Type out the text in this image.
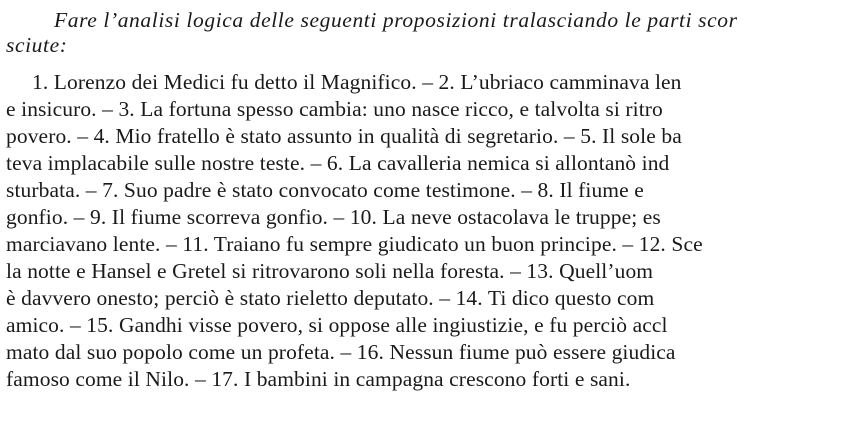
Fare l’analisi logica delle seguenti proposizioni tralasciando le parti scor
sciute:
1. Lorenzo dei Medici fu detto il Magnifico. – 2. L’ubriaco camminava len
e insicuro. – 3. La fortuna spesso cambia: uno nasce ricco, e talvolta si ritro
povero. – 4. Mio fratello è stato assunto in qualità di segretario. – 5. Il sole ba
teva implacabile sulle nostre teste. – 6. La cavalleria nemica si allontanò ind
sturbata. – 7. Suo padre è stato convocato come testimone. – 8. Il fiume e
gonfio. – 9. Il fiume scorreva gonfio. – 10. La neve ostacolava le truppe; es
marciavano lente. – 11. Traiano fu sempre giudicato un buon principe. – 12. Sce
la notte e Hansel e Gretel si ritrovarono soli nella foresta. – 13. Quell’uom
è davvero onesto; perciò è stato rieletto deputato. – 14. Ti dico questo com
amico. – 15. Gandhi visse povero, si oppose alle ingiustizie, e fu perciò accl
mato dal suo popolo come un profeta. – 16. Nessun fiume può essere giudica
famoso come il Nilo. – 17. I bambini in campagna crescono forti e sani.
